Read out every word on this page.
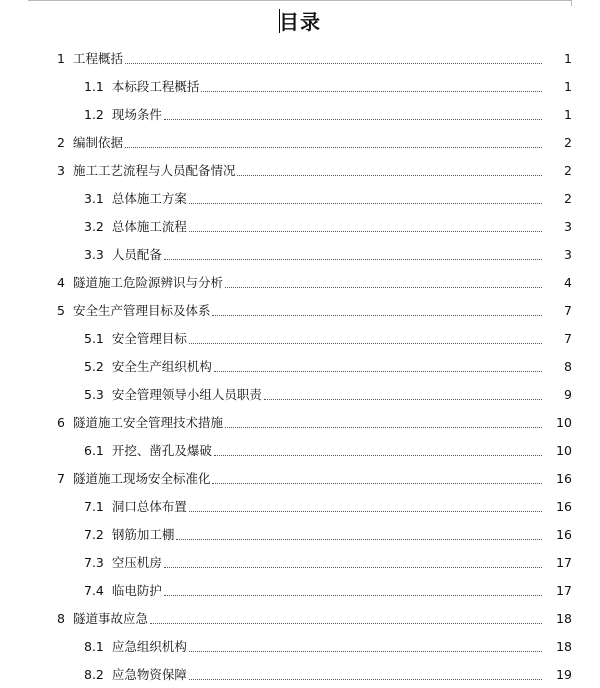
目录
1 工程概括	1
1.1 本标段工程概括	1
1.2 现场条件	1
2 编制依据	2
3 施工工艺流程与人员配备情况	2
3.1 总体施工方案	2
3.2 总体施工流程	3
3.3 人员配备	3
4 隧道施工危险源辨识与分析	4
5 安全生产管理目标及体系	7
5.1 安全管理目标	7
5.2 安全生产组织机构	8
5.3 安全管理领导小组人员职责	9
6 隧道施工安全管理技术措施	10
6.1 开挖、凿孔及爆破	10
7 隧道施工现场安全标准化	16
7.1 洞口总体布置	16
7.2 钢筋加工棚	16
7.3 空压机房	17
7.4 临电防护	17
8 隧道事故应急	18
8.1 应急组织机构	18
8.2 应急物资保障	19
